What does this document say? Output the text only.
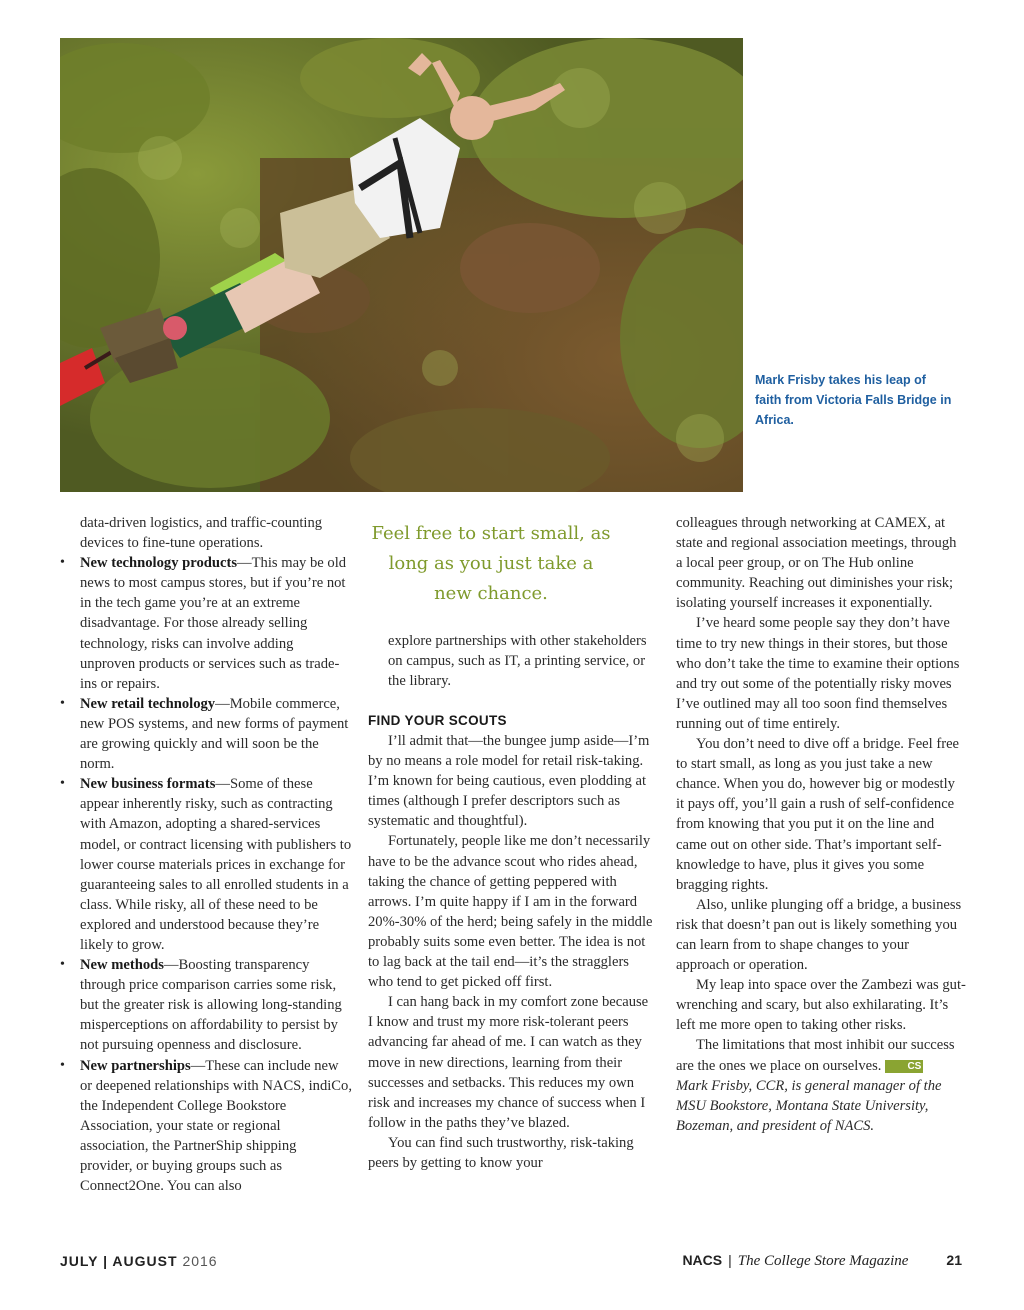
Mark Frisby takes his leap of faith from Victoria Falls Bridge in Africa.

data-driven logistics, and traffic-counting devices to fine-tune operations.

• New technology products—This may be old news to most campus stores, but if you’re not in the tech game you’re at an extreme disadvantage. For those already selling technology, risks can involve adding unproven products or services such as trade-ins or repairs.
• New retail technology—Mobile commerce, new POS systems, and new forms of payment are growing quickly and will soon be the norm.
• New business formats—Some of these appear inherently risky, such as contracting with Amazon, adopting a shared-services model, or contract licensing with publishers to lower course materials prices in exchange for guaranteeing sales to all enrolled students in a class. While risky, all of these need to be explored and understood because they’re likely to grow.
• New methods—Boosting transparency through price comparison carries some risk, but the greater risk is allowing long-standing misperceptions on affordability to persist by not pursuing openness and disclosure.
• New partnerships—These can include new or deepened relationships with NACS, indiCo, the Independent College Bookstore Association, your state or regional association, the PartnerShip shipping provider, or buying groups such as Connect2One. You can also
Feel free to start small, as long as you just take a new chance.

explore partnerships with other stakeholders on campus, such as IT, a printing service, or the library.

FIND YOUR SCOUTS

I’ll admit that—the bungee jump aside—I’m by no means a role model for retail risk-taking. I’m known for being cautious, even plodding at times (although I prefer descriptors such as systematic and thoughtful).

Fortunately, people like me don’t necessarily have to be the advance scout who rides ahead, taking the chance of getting peppered with arrows. I’m quite happy if I am in the forward 20%-30% of the herd; being safely in the middle probably suits some even better. The idea is not to lag back at the tail end—it’s the stragglers who tend to get picked off first.

I can hang back in my comfort zone because I know and trust my more risk-tolerant peers advancing far ahead of me. I can watch as they move in new directions, learning from their successes and setbacks. This reduces my own risk and increases my chance of success when I follow in the paths they’ve blazed.

You can find such trustworthy, risk-taking peers by getting to know your

colleagues through networking at CAMEX, at state and regional association meetings, through a local peer group, or on The Hub online community. Reaching out diminishes your risk; isolating yourself increases it exponentially.

I’ve heard some people say they don’t have time to try new things in their stores, but those who don’t take the time to examine their options and try out some of the potentially risky moves I’ve outlined may all too soon find themselves running out of time entirely.

You don’t need to dive off a bridge. Feel free to start small, as long as you just take a new chance. When you do, however big or modestly it pays off, you’ll gain a rush of self-confidence from knowing that you put it on the line and came out on other side. That’s important self-knowledge to have, plus it gives you some bragging rights.

Also, unlike plunging off a bridge, a business risk that doesn’t pan out is likely something you can learn from to shape changes to your approach or operation.

My leap into space over the Zambezi was gut-wrenching and scary, but also exhilarating. It’s left me more open to taking other risks.

The limitations that most inhibit our success are the ones we place on ourselves.	CS

Mark Frisby, CCR, is general manager of the MSU Bookstore, Montana State University, Bozeman, and president of NACS.

JULY | AUGUST 2016	NACS | The College Store Magazine	21
